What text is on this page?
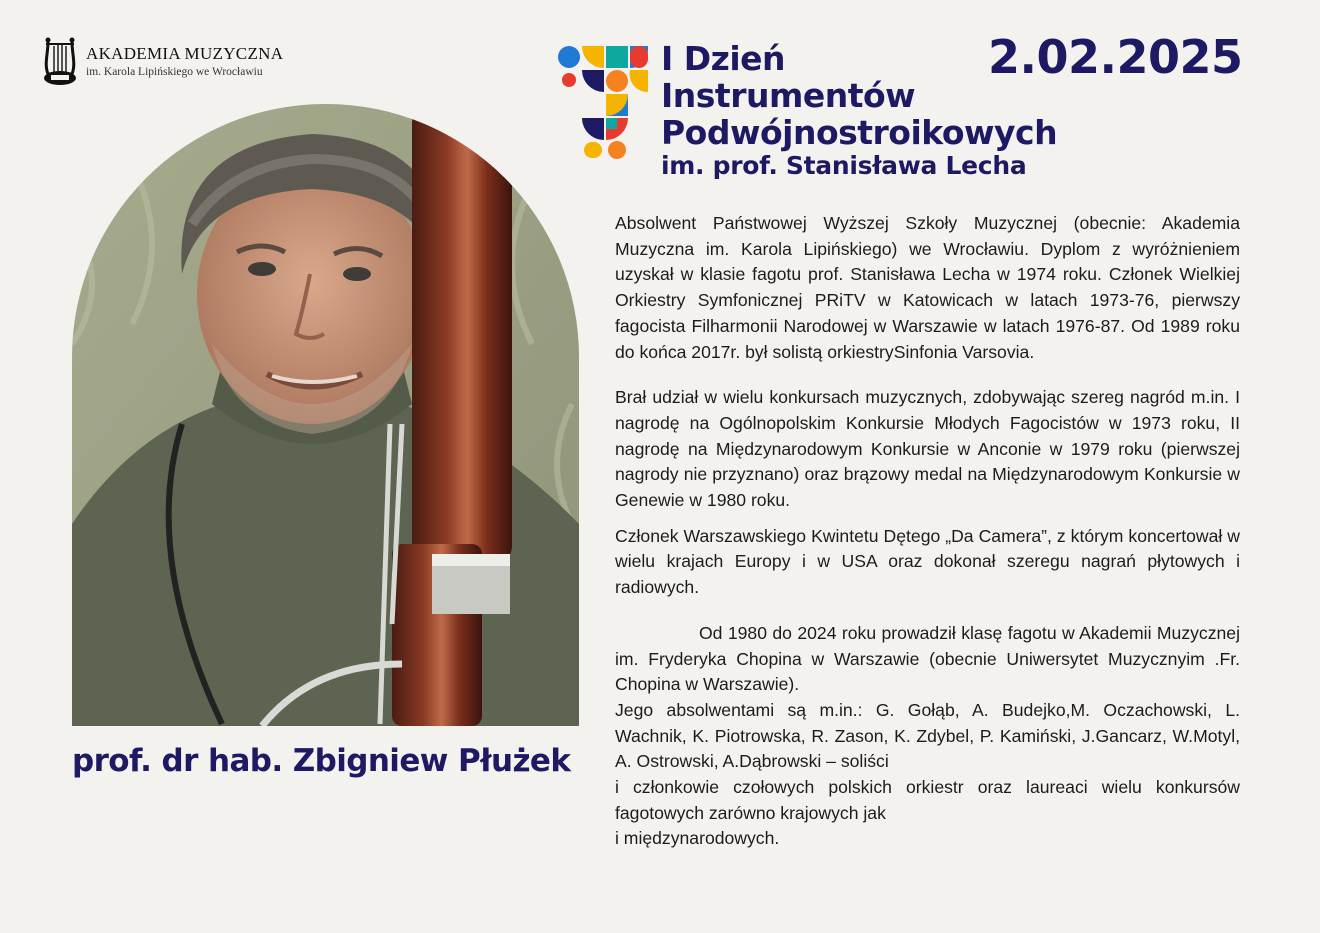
AKADEMIA MUZYCZNA
im. Karola Lipińskiego we Wrocławiu	I Dzień
Instrumentów
Podwójnostroikowych
im. prof. Stanisława Lecha
2.02.2025
prof. dr hab. Zbigniew Płużek

Absolwent Państwowej Wyższej Szkoły Muzycznej (obecnie: Akademia Muzyczna im. Karola Lipińskiego) we Wrocławiu. Dyplom z wyróżnieniem uzyskał w klasie fagotu prof. Stanisława Lecha w 1974 roku. Członek Wielkiej Orkiestry Symfonicznej PRiTV w Katowicach w latach 1973-76, pierwszy fagocista Filharmonii Narodowej w Warszawie w latach 1976-87. Od 1989 roku do końca 2017r. był solistą orkiestrySinfonia Varsovia.

Brał udział w wielu konkursach muzycznych, zdobywając szereg nagród m.in. I nagrodę na Ogólnopolskim Konkursie Młodych Fagocistów w 1973 roku, II nagrodę na Międzynarodowym Konkursie w Anconie w 1979 roku (pierwszej nagrody nie przyznano) oraz brązowy medal na Międzynarodowym Konkursie w Genewie w 1980 roku.

Członek Warszawskiego Kwintetu Dętego „Da Camera”, z którym koncertował w wielu krajach Europy i w USA oraz dokonał szeregu nagrań płytowych i radiowych.

Od 1980 do 2024 roku prowadził klasę fagotu w Akademii Muzycznej im. Fryderyka Chopina w Warszawie (obecnie Uniwersytet Muzycznyim .Fr. Chopina w Warszawie).

Jego absolwentami są m.in.: G. Gołąb, A. Budejko,M. Oczachowski, L. Wachnik, K. Piotrowska, R. Zason, K. Zdybel, P. Kamiński, J.Gancarz, W.Motyl, A. Ostrowski, A.Dąbrowski – soliści

i członkowie czołowych polskich orkiestr oraz laureaci wielu konkursów fagotowych zarówno krajowych jak

i międzynarodowych.
